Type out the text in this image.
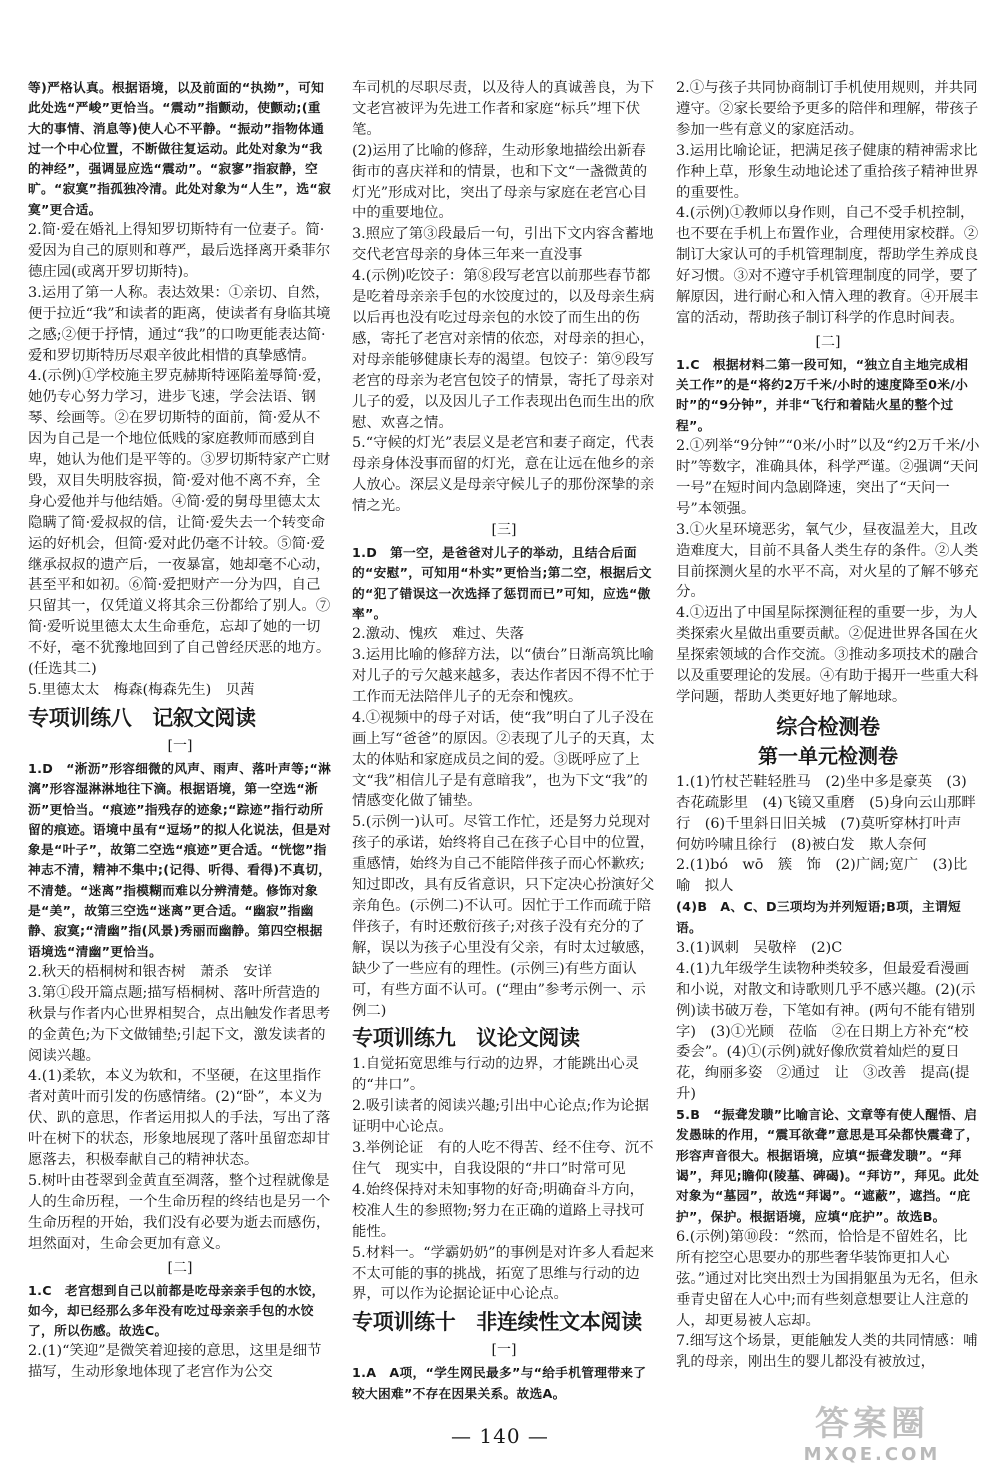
等)严格认真。根据语境，以及前面的“执拗”，可知此处选“严峻”更恰当。“震动”指颤动，使颤动;(重大的事情、消息等)使人心不平静。“振动”指物体通过一个中心位置，不断做往复运动。此处对象为“我的神经”，强调显应选“震动”。“寂寥”指寂静，空旷。“寂寞”指孤独冷清。此处对象为“人生”，选“寂寞”更合适。
2.简·爱在婚礼上得知罗切斯特有一位妻子。简·爱因为自己的原则和尊严，最后选择离开桑菲尔德庄园(或离开罗切斯特)。
3.运用了第一人称。表达效果：①亲切、自然，便于拉近“我”和读者的距离，使读者有身临其境之感;②便于抒情，通过“我”的口吻更能表达简·爱和罗切斯特历尽艰辛彼此相惜的真挚感情。
4.(示例)①学校施主罗克赫斯特诬陷羞辱简·爱，她仍专心努力学习，进步飞速，学会法语、钢琴、绘画等。②在罗切斯特的面前，简·爱从不因为自己是一个地位低贱的家庭教师而感到自卑，她认为他们是平等的。③罗切斯特家产亡财毁，双目失明肢容损，简·爱对他不离不弃，全身心爱他并与他结婚。④简·爱的舅母里德太太隐瞒了简·爱叔叔的信，让简·爱失去一个转变命运的好机会，但简·爱对此仍毫不计较。⑤简·爱继承叔叔的遗产后，一夜暴富，她却毫不心动，甚至平和如初。⑥简·爱把财产一分为四，自己只留其一，仅凭道义将其余三份都给了别人。⑦简·爱听说里德太太生命垂危，忘却了她的一切不好，毫不犹豫地回到了自己曾经厌恶的地方。(任选其二)
5.里德太太　梅森(梅森先生)　贝茜
专项训练八　记叙文阅读
[一]
1.D　“淅沥”形容细微的风声、雨声、落叶声等;“淋漓”形容湿淋淋地往下滴。根据语境，第一空选“淅沥”更恰当。“痕迹”指残存的迹象;“踪迹”指行动所留的痕迹。语境中虽有“逗场”的拟人化说法，但是对象是“叶子”，故第二空选“痕迹”更合适。“恍惚”指神志不清，精神不集中;(记得、听得、看得)不真切，不清楚。“迷离”指模糊而难以分辨清楚。修饰对象是“美”，故第三空选“迷离”更合适。“幽寂”指幽静、寂寞;“清幽”指(风景)秀丽而幽静。第四空根据语境选“清幽”更恰当。
2.秋天的梧桐树和银杏树　萧杀　安详
3.第①段开篇点题;描写梧桐树、落叶所营造的秋景与作者内心世界相契合，点出触发作者思考的金黄色;为下文做铺垫;引起下文，激发读者的阅读兴趣。
4.(1)柔软，本义为软和，不坚硬，在这里指作者对黄叶而引发的伤感情绪。(2)“卧”，本义为伏、趴的意思，作者运用拟人的手法，写出了落叶在树下的状态，形象地展现了落叶虽留恋却甘愿落去，积极奉献自己的精神状态。
5.树叶由苍翠到金黄直至凋落，整个过程就像是人的生命历程，一个生命历程的终结也是另一个生命历程的开始，我们没有必要为逝去而感伤，坦然面对，生命会更加有意义。
[二]
1.C　老宫想到自己以前都是吃母亲亲手包的水饺，如今，却已经那么多年没有吃过母亲亲手包的水饺了，所以伤感。故选C。
2.(1)“笑迎”是微笑着迎接的意思，这里是细节描写，生动形象地体现了老宫作为公交
车司机的尽职尽责，以及待人的真诚善良，为下文老宫被评为先进工作者和家庭“标兵”埋下伏笔。
(2)运用了比喻的修辞，生动形象地描绘出新春街市的喜庆祥和的情景，也和下文“一盏微黄的灯光”形成对比，突出了母亲与家庭在老宫心目中的重要地位。
3.照应了第③段最后一句，引出下文内容含蓄地交代老宫母亲的身体三年来一直没事
4.(示例)吃饺子：第⑧段写老宫以前那些春节都是吃着母亲亲手包的水饺度过的，以及母亲生病以后再也没有吃过母亲包的水饺了而生出的伤感，寄托了老宫对亲情的依恋，对母亲的担心，对母亲能够健康长寿的渴望。包饺子：第⑨段写老宫的母亲为老宫包饺子的情景，寄托了母亲对儿子的爱，以及因儿子工作表现出色而生出的欣慰、欢喜之情。
5.“守候的灯光”表层义是老宫和妻子商定，代表母亲身体没事而留的灯光，意在让远在他乡的亲人放心。深层义是母亲守候儿子的那份深挚的亲情之光。
[三]
1.D　第一空，是爸爸对儿子的举动，且结合后面的“安慰”，可知用“朴实”更恰当;第二空，根据后文的“犯了错误这一次选择了惩罚而已”可知，应选“傲率”。
2.激动、愧疚　难过、失落
3.运用比喻的修辞方法，以“债台”日渐高筑比喻对儿子的亏欠越来越多，表达作者因不得不忙于工作而无法陪伴儿子的无奈和愧疚。
4.①视频中的母子对话，使“我”明白了儿子没在画上写“爸爸”的原因。②表现了儿子的天真，太太的体贴和家庭成员之间的爱。③既呼应了上文“我”相信儿子是有意暗我”，也为下文“我”的情感变化做了铺垫。
5.(示例一)认可。尽管工作忙，还是努力兑现对孩子的承诺，始终将自己在孩子心目中的位置，重感情，始终为自己不能陪伴孩子而心怀歉疚;知过即改，具有反省意识，只下定决心扮演好父亲角色。(示例二)不认可。因忙于工作而疏于陪伴孩子，有时还敷衍孩子;对孩子没有充分的了解，误以为孩子心里没有父亲，有时太过敏感，缺少了一些应有的理性。(示例三)有些方面认可，有些方面不认可。(“理由”参考示例一、示例二)
专项训练九　议论文阅读
1.自觉拓宽思维与行动的边界，才能跳出心灵的“井口”。
2.吸引读者的阅读兴趣;引出中心论点;作为论据证明中心论点。
3.举例论证　有的人吃不得苦、经不住夸、沉不住气　现实中，自我设限的“井口”时常可见
4.始终保持对未知事物的好奇;明确奋斗方向，校准人生的参照物;努力在正确的道路上寻找可能性。
5.材料一。“学霸奶奶”的事例是对许多人看起来不太可能的事的挑战，拓宽了思维与行动的边界，可以作为论据论证中心论点。
专项训练十　非连续性文本阅读
[一]
1.A　A项，“学生网民最多”与“给手机管理带来了较大困难”不存在因果关系。故选A。
2.①与孩子共同协商制订手机使用规则，并共同遵守。②家长要给予更多的陪伴和理解，带孩子参加一些有意义的家庭活动。
3.运用比喻论证，把满足孩子健康的精神需求比作种上草，形象生动地论述了重拾孩子精神世界的重要性。
4.(示例)①教师以身作则，自己不受手机控制，也不要在手机上布置作业，合理使用家校群。②制订大家认可的手机管理制度，帮助学生养成良好习惯。③对不遵守手机管理制度的同学，要了解原因，进行耐心和入情入理的教育。④开展丰富的活动，帮助孩子制订科学的作息时间表。
[二]
1.C　根据材料二第一段可知，“独立自主地完成相关工作”的是“将约2万千米/小时的速度降至0米/小时”的“9分钟”，并非“飞行和着陆火星的整个过程”。
2.①列举“9分钟”“0米/小时”以及“约2万千米/小时”等数字，准确具体，科学严谨。②强调“天问一号”在短时间内急剧降速，突出了“天问一号”本领强。
3.①火星环境恶劣，氧气少，昼夜温差大，且改造难度大，目前不具备人类生存的条件。②人类目前探测火星的水平不高，对火星的了解不够充分。
4.①迈出了中国星际探测征程的重要一步，为人类探索火星做出重要贡献。②促进世界各国在火星探索领域的合作交流。③推动多项技术的融合以及重要理论的发展。④有助于揭开一些重大科学问题，帮助人类更好地了解地球。
综合检测卷
第一单元检测卷
1.(1)竹杖芒鞋轻胜马　(2)坐中多是豪英　(3)杏花疏影里　(4)飞镜又重磨　(5)身向云山那畔行　(6)千里斜日旧关城　(7)莫听穿林打叶声　何妨吟啸且徐行　(8)被白发　欺人奈何
2.(1)bó　wō　簇　饰　(2)广阔;宽广　(3)比喻　拟人
(4)B　A、C、D三项均为并列短语;B项，主谓短语。
3.(1)讽刺　吴敬梓　(2)C
4.(1)九年级学生读物种类较多，但最爱看漫画和小说，对散文和诗歌则几乎不感兴趣。(2)(示例)读书破万卷，下笔如有神。(两句不能有错别字)　(3)①光顾　莅临　②在日期上方补充“校委会”。(4)①(示例)就好像欣赏着灿烂的夏日花，绚丽多姿　②通过　让　③改善　提高(提升)
5.B　“振聋发聩”比喻言论、文章等有使人醒悟、启发愚昧的作用，“震耳欲聋”意思是耳朵都快震聋了，形容声音很大。根据语境，应填“振聋发聩”。“拜谒”，拜见;瞻仰(陵墓、碑碣)。“拜访”，拜见。此处对象为“墓园”，故选“拜谒”。“遮蔽”，遮挡。“庇护”，保护。根据语境，应填“庇护”。故选B。
6.(示例)第⑩段：“然而，恰恰是不留姓名，比所有挖空心思要办的那些奢华装饰更扣人心弦。”通过对比突出烈士为国捐躯虽为无名，但永垂青史留在人心中;而有些刻意想要让人注意的人，却更易被人忘却。
7.细写这个场景，更能触发人类的共同情感：哺乳的母亲，刚出生的婴儿都没有被放过，
— 140 —	答案圈
MXQE.COM
